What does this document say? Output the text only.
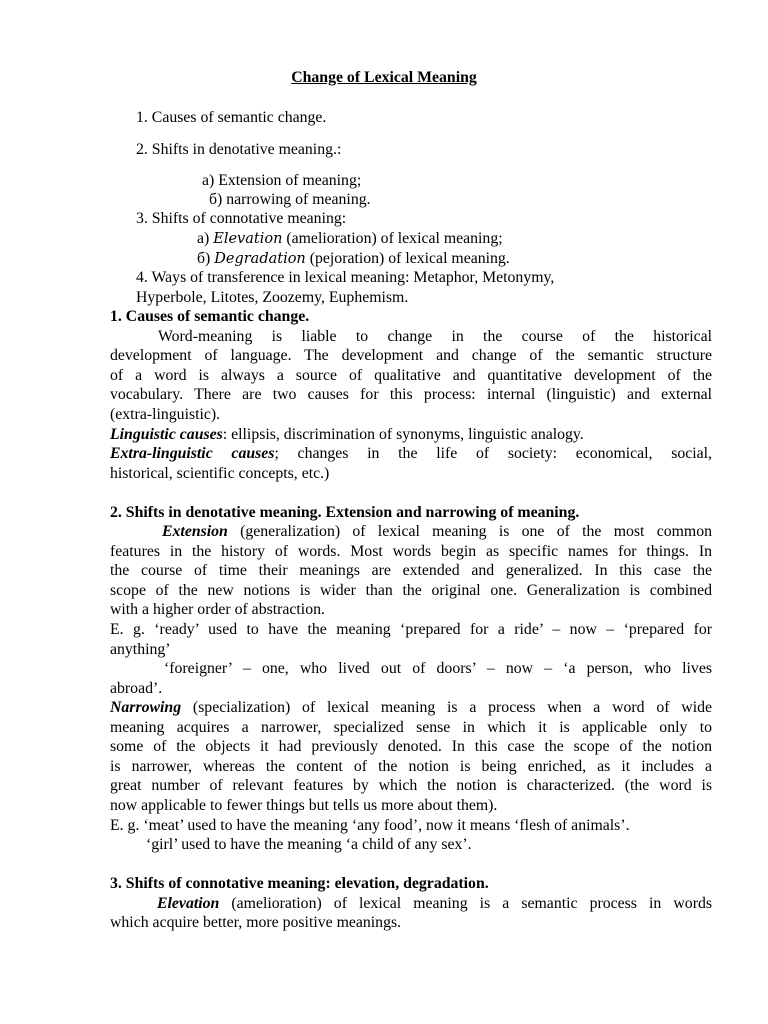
Change of Lexical Meaning
1. Causes of semantic change.
2. Shifts in denotative meaning.:
а) Extension of meaning;
б) narrowing of meaning.
3. Shifts of connotative meaning:
а) Elevation (amelioration) of lexical meaning;
б) Degradation (pejoration) of lexical meaning.
4. Ways of transference in lexical meaning: Metaphor, Metonymy,
Hyperbole, Litotes, Zoozemy, Euphemism.
1. Causes of semantic change.
Word-meaning is liable to change in the course of the historical
development of language. The development and change of the semantic structure
of a word is always a source of qualitative and quantitative development of the
vocabulary. There are two causes for this process: internal (linguistic) and external
(extra-linguistic).
Linguistic causes: ellipsis, discrimination of synonyms, linguistic analogy.
Extra-linguistic causes; changes in the life of society: economical, social,
historical, scientific concepts, etc.)
2. Shifts in denotative meaning. Extension and narrowing of meaning.
Extension (generalization) of lexical meaning is one of the most common
features in the history of words. Most words begin as specific names for things. In
the course of time their meanings are extended and generalized. In this case the
scope of the new notions is wider than the original one. Generalization is combined
with a higher order of abstraction.
E. g. ‘ready’ used to have the meaning ‘prepared for a ride’ – now – ‘prepared for
anything’
‘foreigner’ – one, who lived out of doors’ – now – ‘a person, who lives
abroad’.
Narrowing (specialization) of lexical meaning is a process when a word of wide
meaning acquires a narrower, specialized sense in which it is applicable only to
some of the objects it had previously denoted. In this case the scope of the notion
is narrower, whereas the content of the notion is being enriched, as it includes a
great number of relevant features by which the notion is characterized. (the word is
now applicable to fewer things but tells us more about them).
E. g. ‘meat’ used to have the meaning ‘any food’, now it means ‘flesh of animals’.
‘girl’ used to have the meaning ‘a child of any sex’.
3. Shifts of connotative meaning: elevation, degradation.
Elevation (amelioration) of lexical meaning is a semantic process in words
which acquire better, more positive meanings.
